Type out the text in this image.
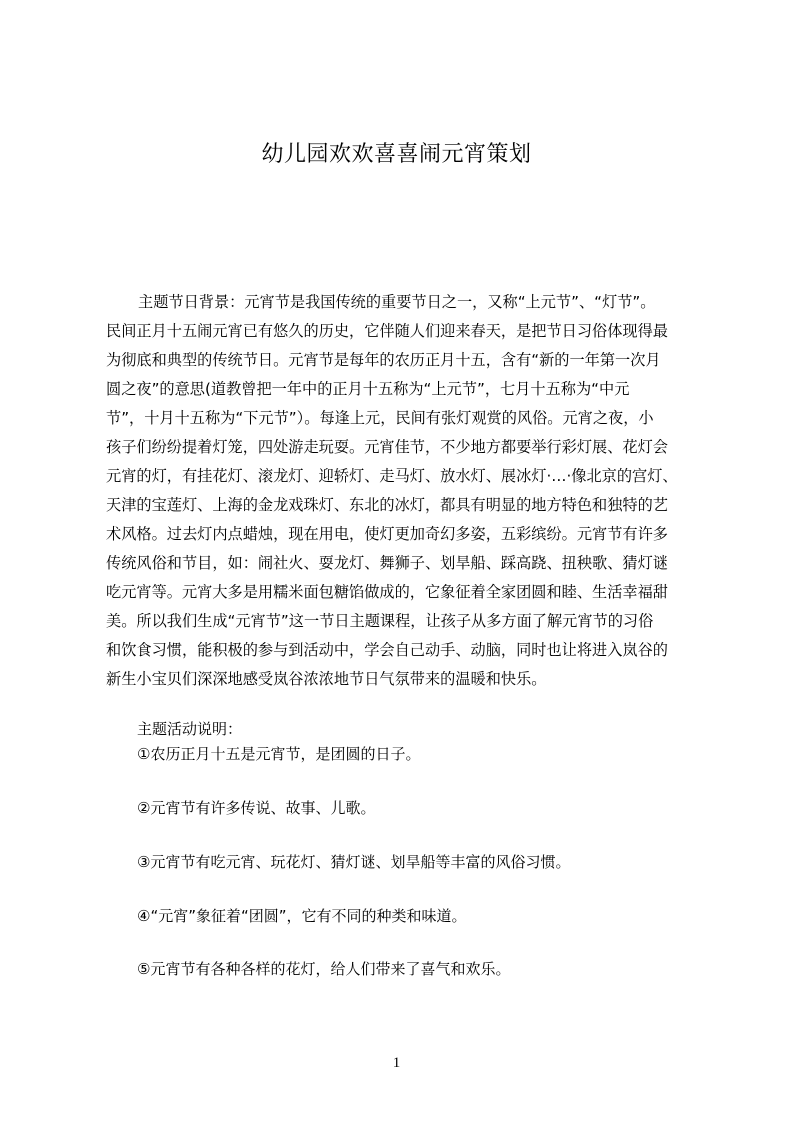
幼儿园欢欢喜喜闹元宵策划

主题节日背景：元宵节是我国传统的重要节日之一，又称“上元节”、“灯节”。
民间正月十五闹元宵已有悠久的历史，它伴随人们迎来春天，是把节日习俗体现得最
为彻底和典型的传统节日。元宵节是每年的农历正月十五，含有“新的一年第一次月
圆之夜”的意思(道教曾把一年中的正月十五称为“上元节”，七月十五称为“中元
节”，十月十五称为“下元节”）。每逢上元，民间有张灯观赏的风俗。元宵之夜，小
孩子们纷纷提着灯笼，四处游走玩耍。元宵佳节，不少地方都要举行彩灯展、花灯会
元宵的灯，有挂花灯、滚龙灯、迎轿灯、走马灯、放水灯、展冰灯·…·像北京的宫灯、
天津的宝莲灯、上海的金龙戏珠灯、东北的冰灯，都具有明显的地方特色和独特的艺
术风格。过去灯内点蜡烛，现在用电，使灯更加奇幻多姿，五彩缤纷。元宵节有许多
传统风俗和节目，如：闹社火、耍龙灯、舞狮子、划旱船、踩高跷、扭秧歌、猜灯谜
吃元宵等。元宵大多是用糯米面包糖馅做成的，它象征着全家团圆和睦、生活幸福甜
美。所以我们生成“元宵节”这一节日主题课程，让孩子从多方面了解元宵节的习俗
和饮食习惯，能积极的参与到活动中，学会自己动手、动脑，同时也让将进入岚谷的
新生小宝贝们深深地感受岚谷浓浓地节日气氛带来的温暖和快乐。

主题活动说明：

①农历正月十五是元宵节，是团圆的日子。

②元宵节有许多传说、故事、儿歌。

③元宵节有吃元宵、玩花灯、猜灯谜、划旱船等丰富的风俗习惯。

④“元宵”象征着“团圆”，它有不同的种类和味道。

⑤元宵节有各种各样的花灯，给人们带来了喜气和欢乐。

1
